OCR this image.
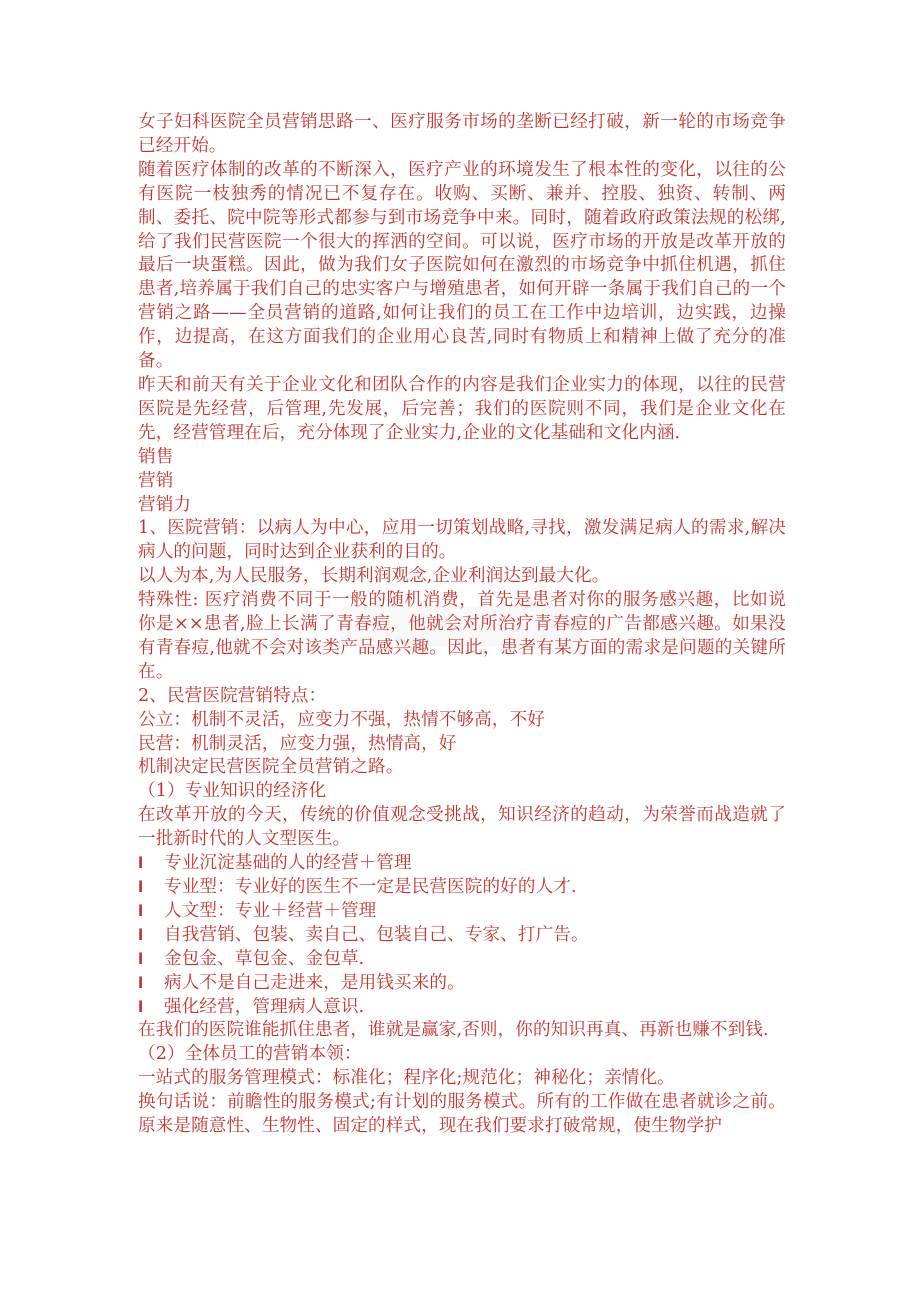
女子妇科医院全员营销思路一、医疗服务市场的垄断已经打破，新一轮的市场竞争已经开始。

随着医疗体制的改革的不断深入，医疗产业的环境发生了根本性的变化，以往的公有医院一枝独秀的情况已不复存在。收购、买断、兼并、控股、独资、转制、两制、委托、院中院等形式都参与到市场竞争中来。同时，随着政府政策法规的松绑,给了我们民营医院一个很大的挥洒的空间。可以说，医疗市场的开放是改革开放的最后一块蛋糕。因此，做为我们女子医院如何在激烈的市场竞争中抓住机遇，抓住患者,培养属于我们自己的忠实客户与增殖患者，如何开辟一条属于我们自己的一个营销之路——全员营销的道路,如何让我们的员工在工作中边培训，边实践，边操作，边提高，在这方面我们的企业用心良苦,同时有物质上和精神上做了充分的准备。

昨天和前天有关于企业文化和团队合作的内容是我们企业实力的体现，以往的民营医院是先经营，后管理,先发展，后完善；我们的医院则不同，我们是企业文化在先，经营管理在后，充分体现了企业实力,企业的文化基础和文化内涵.

销售

营销

营销力

1、医院营销：以病人为中心，应用一切策划战略,寻找，激发满足病人的需求,解决病人的问题，同时达到企业获利的目的。

以人为本,为人民服务，长期利润观念,企业利润达到最大化。

特殊性: 医疗消费不同于一般的随机消费，首先是患者对你的服务感兴趣，比如说你是××患者,脸上长满了青春痘，他就会对所治疗青春痘的广告都感兴趣。如果没有青春痘,他就不会对该类产品感兴趣。因此，患者有某方面的需求是问题的关键所在。

2、民营医院营销特点：

公立：机制不灵活，应变力不强，热情不够高，不好

民营：机制灵活，应变力强，热情高，好

机制决定民营医院全员营销之路。

（1）专业知识的经济化

在改革开放的今天，传统的价值观念受挑战，知识经济的趋动，为荣誉而战造就了一批新时代的人文型医生。

l	专业沉淀基础的人的经营＋管理
l	专业型：专业好的医生不一定是民营医院的好的人才.
l	人文型：专业＋经营＋管理
l	自我营销、包装、卖自己、包装自己、专家、打广告。
l	金包金、草包金、金包草.
l	病人不是自己走进来，是用钱买来的。
l	强化经营，管理病人意识.

在我们的医院谁能抓住患者，谁就是赢家,否则，你的知识再真、再新也赚不到钱.

（2）全体员工的营销本领：

一站式的服务管理模式：标准化；程序化;规范化；神秘化；亲情化。

换句话说：前瞻性的服务模式;有计划的服务模式。所有的工作做在患者就诊之前。原来是随意性、生物性、固定的样式，现在我们要求打破常规，使生物学护
